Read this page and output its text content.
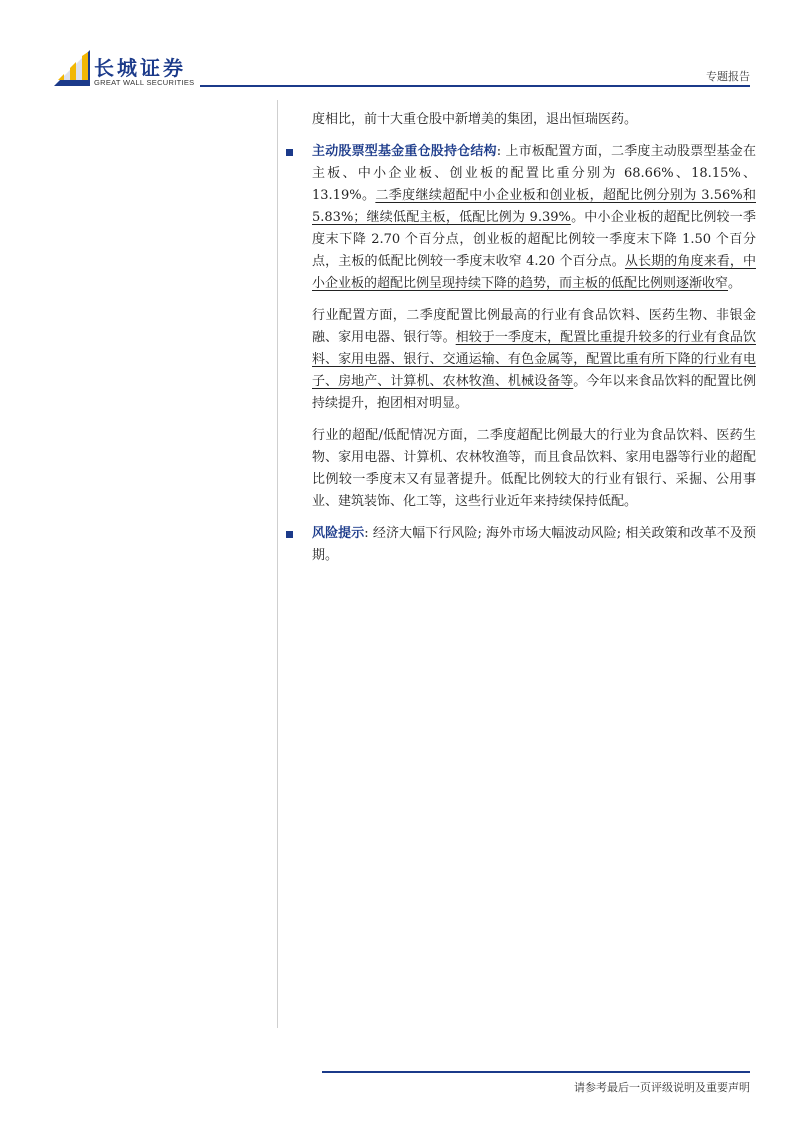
长城证券
GREAT WALL SECURITIES	专题报告

度相比，前十大重仓股中新增美的集团，退出恒瑞医药。

主动股票型基金重仓股持仓结构: 上市板配置方面，二季度主动股票型基金在主板、中小企业板、创业板的配置比重分别为 68.66%、18.15%、13.19%。二季度继续超配中小企业板和创业板，超配比例分别为 3.56%和 5.83%；继续低配主板，低配比例为 9.39%。中小企业板的超配比例较一季度末下降 2.70 个百分点，创业板的超配比例较一季度末下降 1.50 个百分点，主板的低配比例较一季度末收窄 4.20 个百分点。从长期的角度来看，中小企业板的超配比例呈现持续下降的趋势，而主板的低配比例则逐渐收窄。

行业配置方面，二季度配置比例最高的行业有食品饮料、医药生物、非银金融、家用电器、银行等。相较于一季度末，配置比重提升较多的行业有食品饮料、家用电器、银行、交通运输、有色金属等，配置比重有所下降的行业有电子、房地产、计算机、农林牧渔、机械设备等。今年以来食品饮料的配置比例持续提升，抱团相对明显。

行业的超配/低配情况方面，二季度超配比例最大的行业为食品饮料、医药生物、家用电器、计算机、农林牧渔等，而且食品饮料、家用电器等行业的超配比例较一季度末又有显著提升。低配比例较大的行业有银行、采掘、公用事业、建筑装饰、化工等，这些行业近年来持续保持低配。

风险提示: 经济大幅下行风险; 海外市场大幅波动风险; 相关政策和改革不及预期。

请参考最后一页评级说明及重要声明
